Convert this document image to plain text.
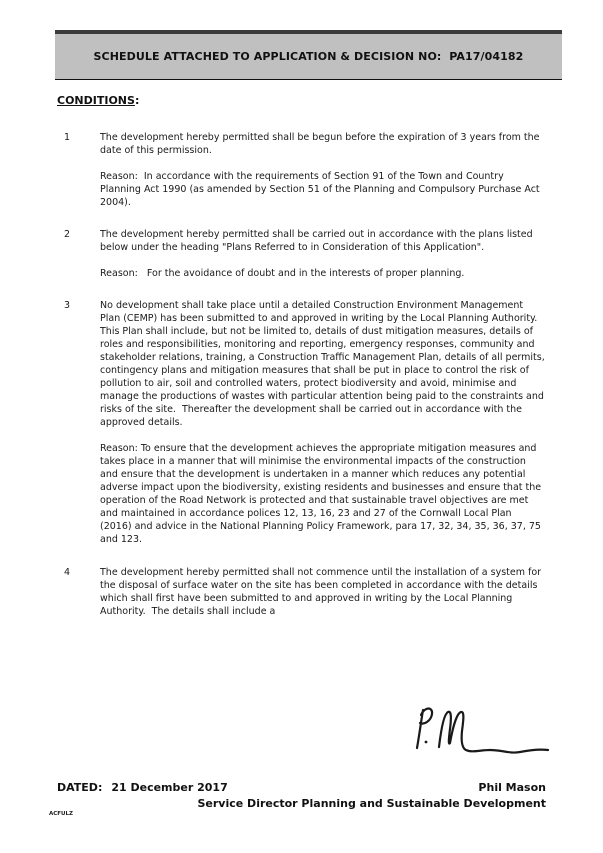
SCHEDULE ATTACHED TO APPLICATION & DECISION NO:  PA17/04182
CONDITIONS:
1	The development hereby permitted shall be begun before the expiration of 3 years from the date of this permission.

Reason:  In accordance with the requirements of Section 91 of the Town and Country Planning Act 1990 (as amended by Section 51 of the Planning and Compulsory Purchase Act 2004).

2	The development hereby permitted shall be carried out in accordance with the plans listed below under the heading "Plans Referred to in Consideration of this Application".

Reason:   For the avoidance of doubt and in the interests of proper planning.

3	No development shall take place until a detailed Construction Environment Management Plan (CEMP) has been submitted to and approved in writing by the Local Planning Authority.  This Plan shall include, but not be limited to, details of dust mitigation measures, details of roles and responsibilities, monitoring and reporting, emergency responses, community and stakeholder relations, training, a Construction Traffic Management Plan, details of all permits, contingency plans and mitigation measures that shall be put in place to control the risk of pollution to air, soil and controlled waters, protect biodiversity and avoid, minimise and manage the productions of wastes with particular attention being paid to the constraints and risks of the site.  Thereafter the development shall be carried out in accordance with the approved details.

Reason: To ensure that the development achieves the appropriate mitigation measures and takes place in a manner that will minimise the environmental impacts of the construction and ensure that the development is undertaken in a manner which reduces any potential adverse impact upon the biodiversity, existing residents and businesses and ensure that the operation of the Road Network is protected and that sustainable travel objectives are met and maintained in accordance polices 12, 13, 16, 23 and 27 of the Cornwall Local Plan (2016) and advice in the National Planning Policy Framework, para 17, 32, 34, 35, 36, 37, 75 and 123.

4	The development hereby permitted shall not commence until the installation of a system for the disposal of surface water on the site has been completed in accordance with the details which shall first have been submitted to and approved in writing by the Local Planning Authority.  The details shall include a

DATED: 21 December 2017	Phil Mason
Service Director Planning and Sustainable Development
ACFULZ
